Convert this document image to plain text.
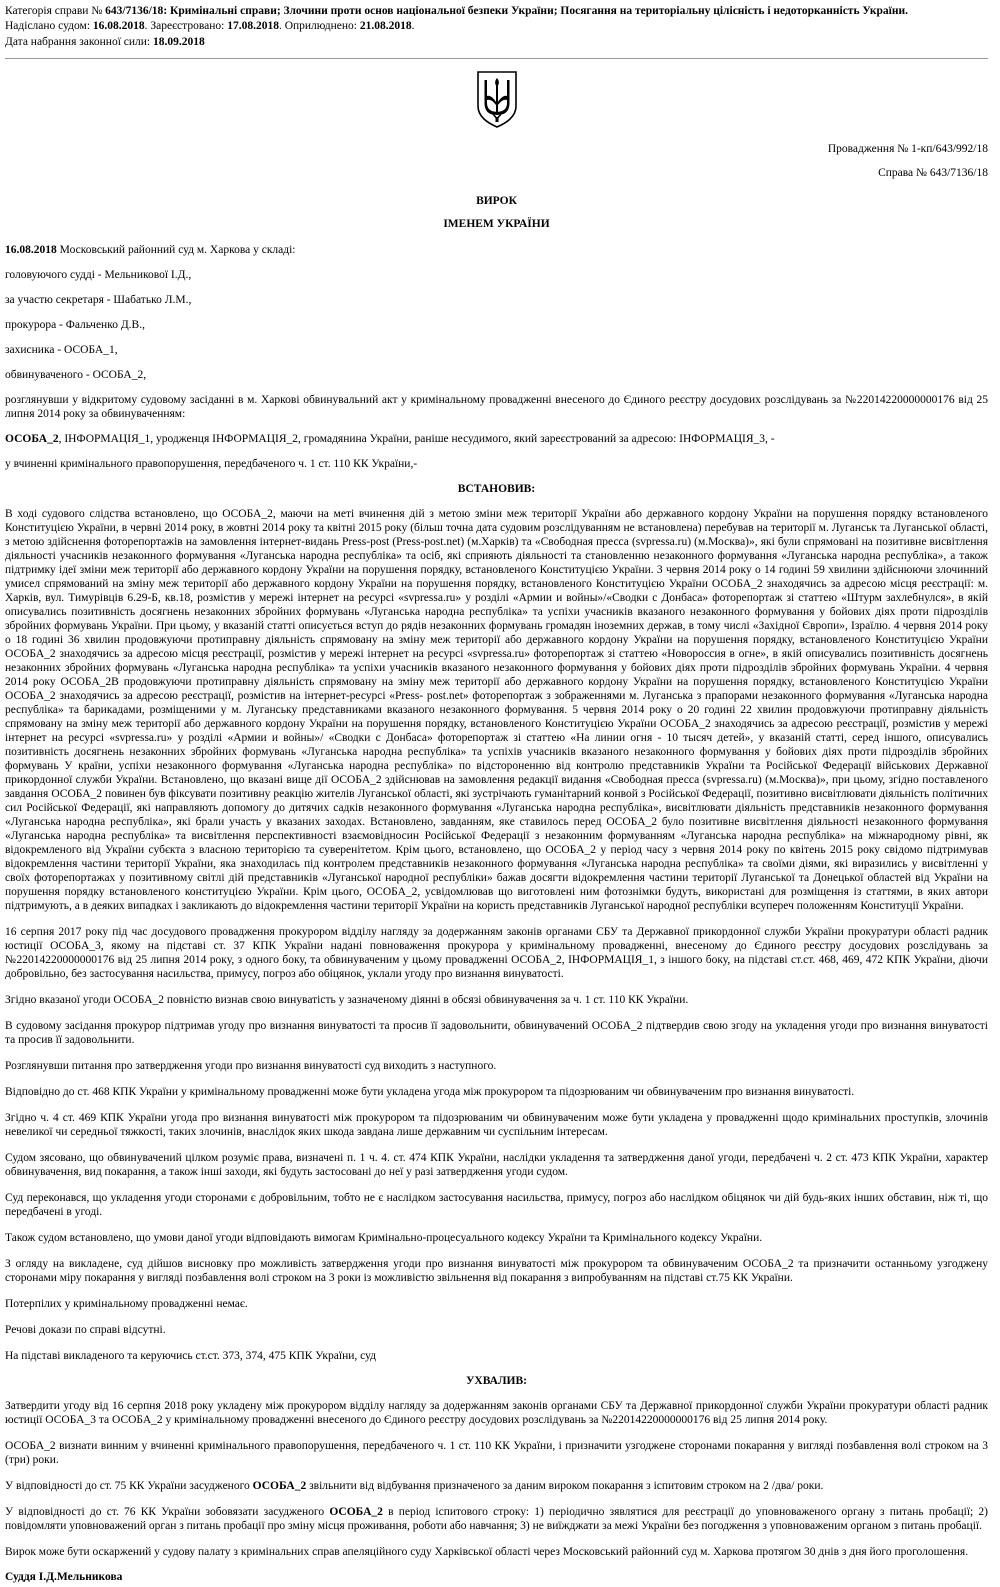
Категорія справи № 643/7136/18: Кримінальні справи; Злочини проти основ національної безпеки України; Посягання на територіальну цілісність і недоторканність України.
Надіслано судом: 16.08.2018. Зареєстровано: 17.08.2018. Оприлюднено: 21.08.2018.
Дата набрання законної сили: 18.09.2018

Провадження № 1-кп/643/992/18

Справа № 643/7136/18

ВИРОК

ІМЕНЕМ УКРАЇНИ

16.08.2018 Московський районний суд м. Харкова у складі:

головуючого судді - Мельникової І.Д.,

за участю секретаря - Шабатько Л.М.,

прокурора - Фальченко Д.В.,

захисника - ОСОБА_1,

обвинуваченого - ОСОБА_2,

розглянувши у відкритому судовому засіданні в м. Харкові обвинувальний акт у кримінальному провадженні внесеного до Єдиного реєстру досудових розслідувань за №22014220000000176 від 25 липня 2014 року за обвинуваченням:

ОСОБА_2, ІНФОРМАЦІЯ_1, уродженця ІНФОРМАЦІЯ_2, громадянина України, раніше несудимого, який зареєстрований за адресою: ІНФОРМАЦІЯ_3, -

у вчиненні кримінального правопорушення, передбаченого ч. 1 ст. 110 КК України,-

ВСТАНОВИВ:

В ході судового слідства встановлено, що ОСОБА_2, маючи на меті вчинення дій з метою зміни меж території України або державного кордону України на порушення порядку встановленого Конституцією України, в червні 2014 року, в жовтні 2014 року та квітні 2015 року (більш точна дата судовим розслідуванням не встановлена) перебував на території м. Луганськ та Луганської області, з метою здійснення фоторепортажів на замовлення інтернет-видань Press-post (Press-post.net) (м.Харків) та «Свободная пресса (svpressa.ru) (м.Москва)», які були спрямовані на позитивне висвітлення діяльності учасників незаконного формування «Луганська народна республіка» та осіб, які сприяють діяльності та становленню незаконного формування «Луганська народна республіка», а також підтримку ідеї зміни меж території або державного кордону України на порушення порядку, встановленого Конституцією України. 3 червня 2014 року о 14 годині 59 хвилини здійснюючи злочинний умисел спрямований на зміну меж території або державного кордону України на порушення порядку, встановленого Конституцією України ОСОБА_2 знаходячись за адресою місця реєстрації: м. Харків, вул. Тимурівців 6.29-Б, кв.18, розмістив у мережі інтернет на ресурсі «svpressa.ru» у розділі «Армии и войны»/«Сводки с Донбаса» фоторепортаж зі статтею «Штурм захлебнулся», в якій описувались позитивність досягнень незаконних збройних формувань «Луганська народна республіка» та успіхи учасників вказаного незаконного формування у бойових діях проти підрозділів збройних формувань України. При цьому, у вказаній статті описується вступ до рядів незаконних формувань громадян іноземних держав, в тому числі «Західної Європи», Ізраїлю. 4 червня 2014 року о 18 годині 36 хвилин продовжуючи протиправну діяльність спрямовану на зміну меж території або державного кордону України на порушення порядку, встановленого Конституцією України ОСОБА_2 знаходячись за адресою місця реєстрації, розмістив у мережі інтернет на ресурсі «svpressa.ru» фоторепортаж зі статтею «Новороссия в огне», в якій описувались позитивність досягнень незаконних збройних формувань «Луганська народна республіка» та успіхи учасників вказаного незаконного формування у бойових діях проти підрозділів збройних формувань України. 4 червня 2014 року ОСОБА_2В продовжуючи протиправну діяльність спрямовану на зміну меж території або державного кордону України на порушення порядку, встановленого Конституцією України ОСОБА_2 знаходячись за адресою реєстрації, розмістив на інтернет-ресурсі «Press- post.net» фоторепортаж з зображеннями м. Луганська з прапорами незаконного формування «Луганська народна республіка» та барикадами, розміщеними у м. Луганську представниками вказаного незаконного формування. 5 червня 2014 року о 20 годині 22 хвилин продовжуючи протиправну діяльність спрямовану на зміну меж території або державного кордону України на порушення порядку, встановленого Конституцією України ОСОБА_2 знаходячись за адресою реєстрації, розмістив у мережі інтернет на ресурсі «svpressa.ru» у розділі «Армии и войны»/ «Сводки с Донбаса» фоторепортаж зі статтею «На линии огня - 10 тысяч детей», у вказаній статті, серед іншого, описувались позитивність досягнень незаконних збройних формувань «Луганська народна республіка» та успіхів учасників вказаного незаконного формування у бойових діях проти підрозділів збройних формувань У країни, успіхи незаконного формування «Луганська народна республіка» по відстороненню від контролю представників України та Російської Федерації військових Державної прикордонної служби України. Встановлено, що вказані вище дії ОСОБА_2 здійснював на замовлення редакції видання «Свободная пресса (svpressa.ru) (м.Москва)», при цьому, згідно поставленого завдання ОСОБА_2 повинен був фіксувати позитивну реакцію жителів Луганської області, які зустрічають гуманітарний конвой з Російської Федерації, позитивно висвітлювати діяльність політичних сил Російської Федерації, які направляють допомогу до дитячих садків незаконного формування «Луганська народна республіка», висвітлювати діяльність представників незаконного формування «Луганська народна республіка», які брали участь у вказаних заходах. Встановлено, завданням, яке ставилось перед ОСОБА_2 було позитивне висвітлення діяльності незаконного формування «Луганська народна республіка» та висвітлення перспективності взаємовідносин Російської Федерації з незаконним формуванням «Луганська народна республіка» на міжнародному рівні, як відокремленого від України субєкта з власною територією та суверенітетом. Крім цього, встановлено, що ОСОБА_2 у період часу з червня 2014 року по квітень 2015 року свідомо підтримував відокремлення частини території України, яка знаходилась під контролем представників незаконного формування «Луганська народна республіка» та своїми діями, які виразились у висвітленні у своїх фоторепортажах у позитивному світлі дій представників «Луганської народної республіки» бажав досягти відокремлення частини території Луганської та Донецької областей від України на порушення порядку встановленого конституцією України. Крім цього, ОСОБА_2, усвідомлював що виготовлені ним фотознімки будуть, використані для розміщення із статтями, в яких автори підтримують, а в деяких випадках і закликають до відокремлення частини території України на користь представників Луганської народної республіки всупереч положенням Конституції України.

16 серпня 2017 року під час досудового провадження прокурором відділу нагляду за додержанням законів органами СБУ та Державної прикордонної служби України прокуратури області радник юстиції ОСОБА_3, якому на підставі ст. 37 КПК України надані повноваження прокурора у кримінальному провадженні, внесеному до Єдиного реєстру досудових розслідувань за №22014220000000176 від 25 липня 2014 року, з одного боку, та обвинуваченим у цьому провадженні ОСОБА_2, ІНФОРМАЦІЯ_1, з іншого боку, на підставі ст.ст. 468, 469, 472 КПК України, діючи добровільно, без застосування насильства, примусу, погроз або обіцянок, уклали угоду про визнання винуватості.

Згідно вказаної угоди ОСОБА_2 повністю визнав свою винуватість у зазначеному діянні в обсязі обвинувачення за ч. 1 ст. 110 КК України.

В судовому засідання прокурор підтримав угоду про визнання винуватості та просив її задовольнити, обвинувачений ОСОБА_2 підтвердив свою згоду на укладення угоди про визнання винуватості та просив її задовольнити.

Розглянувши питання про затвердження угоди про визнання винуватості суд виходить з наступного.

Відповідно до ст. 468 КПК України у кримінальному провадженні може бути укладена угода між прокурором та підозрюваним чи обвинуваченим про визнання винуватості.

Згідно ч. 4 ст. 469 КПК України угода про визнання винуватості між прокурором та підозрюваним чи обвинуваченим може бути укладена у провадженні щодо кримінальних проступків, злочинів невеликої чи середньої тяжкості, таких злочинів, внаслідок яких шкода завдана лише державним чи суспільним інтересам.

Судом зясовано, що обвинувачений цілком розуміє права, визначені п. 1 ч. 4. ст. 474 КПК України, наслідки укладення та затвердження даної угоди, передбачені ч. 2 ст. 473 КПК України, характер обвинувачення, вид покарання, а також інші заходи, які будуть застосовані до неї у разі затвердження угоди судом.

Суд переконався, що укладення угоди сторонами є добровільним, тобто не є наслідком застосування насильства, примусу, погроз або наслідком обіцянок чи дій будь-яких інших обставин, ніж ті, що передбачені в угоді.

Також судом встановлено, що умови даної угоди відповідають вимогам Кримінально-процесуального кодексу України та Кримінального кодексу України.

З огляду на викладене, суд дійшов висновку про можливість затвердження угоди про визнання винуватості між прокурором та обвинуваченим ОСОБА_2 та призначити останньому узгоджену сторонами міру покарання у вигляді позбавлення волі строком на 3 роки із можливістю звільнення від покарання з випробуванням на підставі ст.75 КК України.

Потерпілих у кримінальному провадженні немає.

Речові докази по справі відсутні.

На підставі викладеного та керуючись ст.ст. 373, 374, 475 КПК України, суд

УХВАЛИВ:

Затвердити угоду від 16 серпня 2018 року укладену між прокурором відділу нагляду за додержанням законів органами СБУ та Державної прикордонної служби України прокуратури області радник юстиції ОСОБА_3 та ОСОБА_2 у кримінальному провадженні внесеного до Єдиного реєстру досудових розслідувань за №22014220000000176 від 25 липня 2014 року.

ОСОБА_2 визнати винним у вчиненні кримінального правопорушення, передбаченого ч. 1 ст. 110 КК України, і призначити узгоджене сторонами покарання у вигляді позбавлення волі строком на 3 (три) роки.

У відповідності до ст. 75 КК України засудженого ОСОБА_2 звільнити від відбування призначеного за даним вироком покарання з іспитовим строком на 2 /два/ роки.

У відповідності до ст. 76 КК України зобовязати засудженого ОСОБА_2 в період іспитового строку: 1) періодично зявлятися для реєстрації до уповноваженого органу з питань пробації; 2) повідомляти уповноважений орган з питань пробації про зміну місця проживання, роботи або навчання; 3) не виїжджати за межі України без погодження з уповноваженим органом з питань пробації.

Вирок може бути оскаржений у судову палату з кримінальних справ апеляційного суду Харківської області через Московський районний суд м. Харкова протягом 30 днів з дня його проголошення.

Суддя І.Д.Мельникова
